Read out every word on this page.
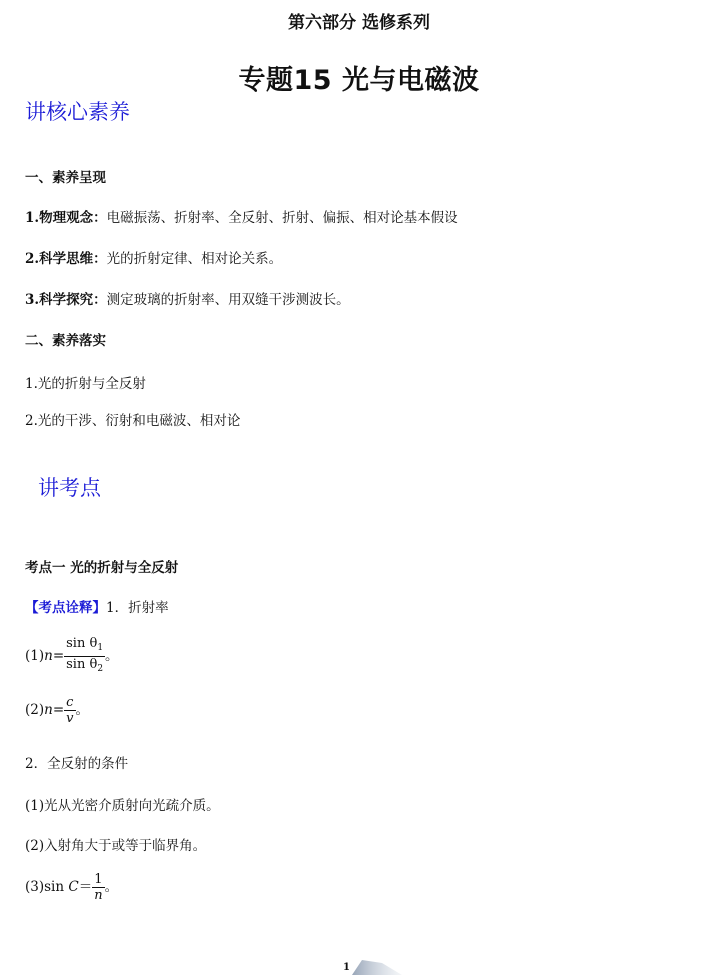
第六部分 选修系列
专题15 光与电磁波
讲核心素养
一、素养呈现
1.物理观念：电磁振荡、折射率、全反射、折射、偏振、相对论基本假设
2.科学思维：光的折射定律、相对论关系。
3.科学探究：测定玻璃的折射率、用双缝干涉测波长。
二、素养落实
1.光的折射与全反射
2.光的干涉、衍射和电磁波、相对论
讲考点
考点一 光的折射与全反射
【考点诠释】1．折射率
$(1)n= \frac{\sin \theta_1}{\sin \theta_2}$ 。
$(2)n= \frac{c}{v}$ 。
2．全反射的条件
(1)光从光密介质射向光疏介质。
(2)入射角大于或等于临界角。
(3)sin $C= \frac{1}{n}$ 。
1
